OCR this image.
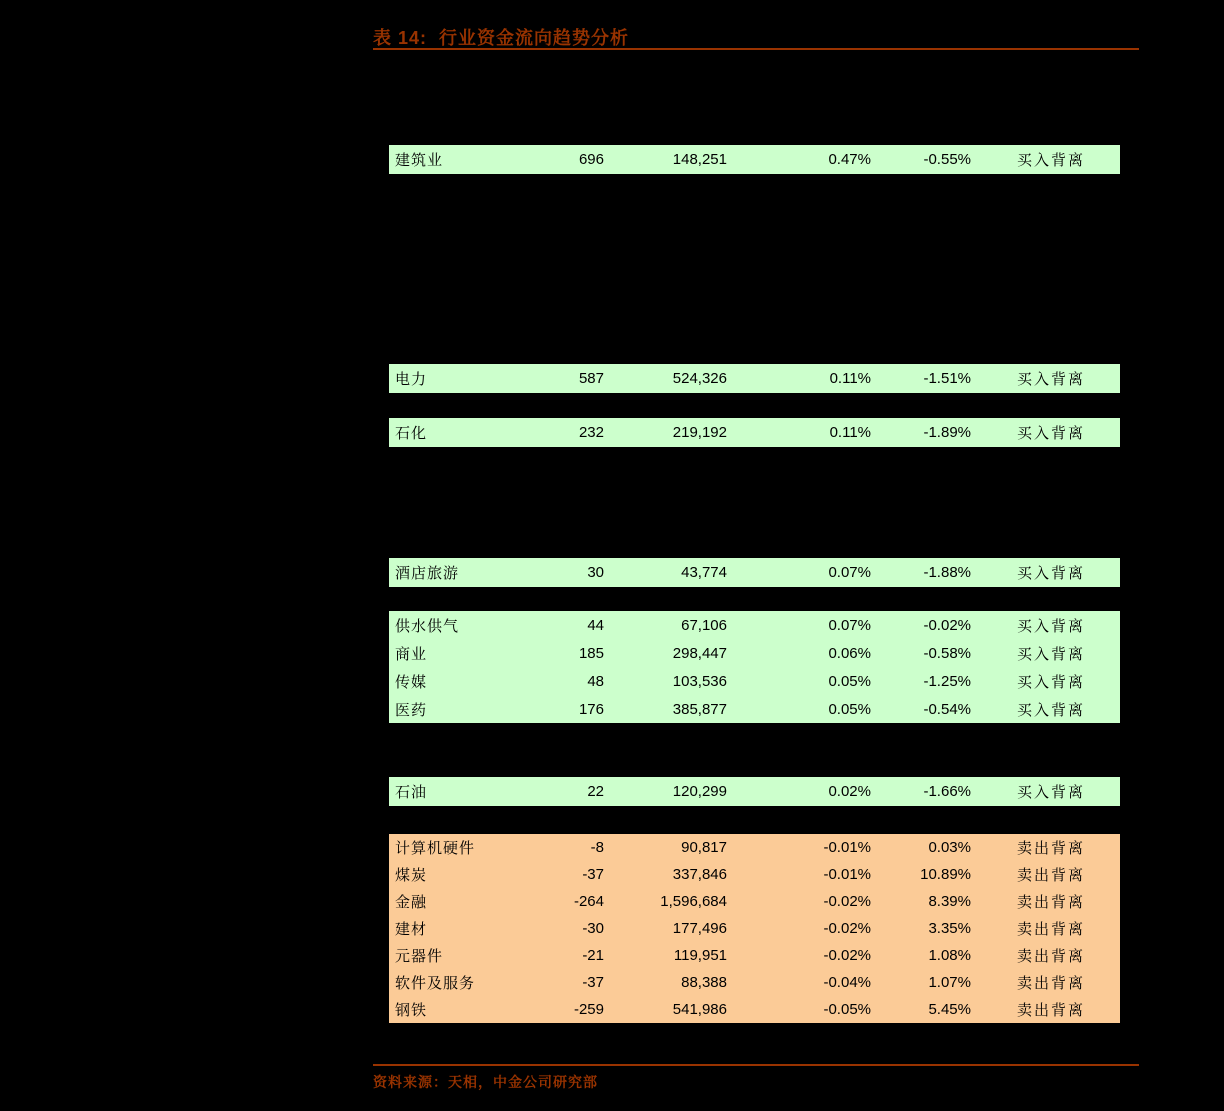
表 14:  行业资金流向趋势分析
建筑业	696	148,251	0.47%	-0.55%	买入背离
电力	587	524,326	0.11%	-1.51%	买入背离
石化	232	219,192	0.11%	-1.89%	买入背离
酒店旅游	30	43,774	0.07%	-1.88%	买入背离
供水供气	44	67,106	0.07%	-0.02%	买入背离
商业	185	298,447	0.06%	-0.58%	买入背离
传媒	48	103,536	0.05%	-1.25%	买入背离
医药	176	385,877	0.05%	-0.54%	买入背离
石油	22	120,299	0.02%	-1.66%	买入背离
计算机硬件	-8	90,817	-0.01%	0.03%	卖出背离
煤炭	-37	337,846	-0.01%	10.89%	卖出背离
金融	-264	1,596,684	-0.02%	8.39%	卖出背离
建材	-30	177,496	-0.02%	3.35%	卖出背离
元器件	-21	119,951	-0.02%	1.08%	卖出背离
软件及服务	-37	88,388	-0.04%	1.07%	卖出背离
钢铁	-259	541,986	-0.05%	5.45%	卖出背离
资料来源：天相，中金公司研究部
